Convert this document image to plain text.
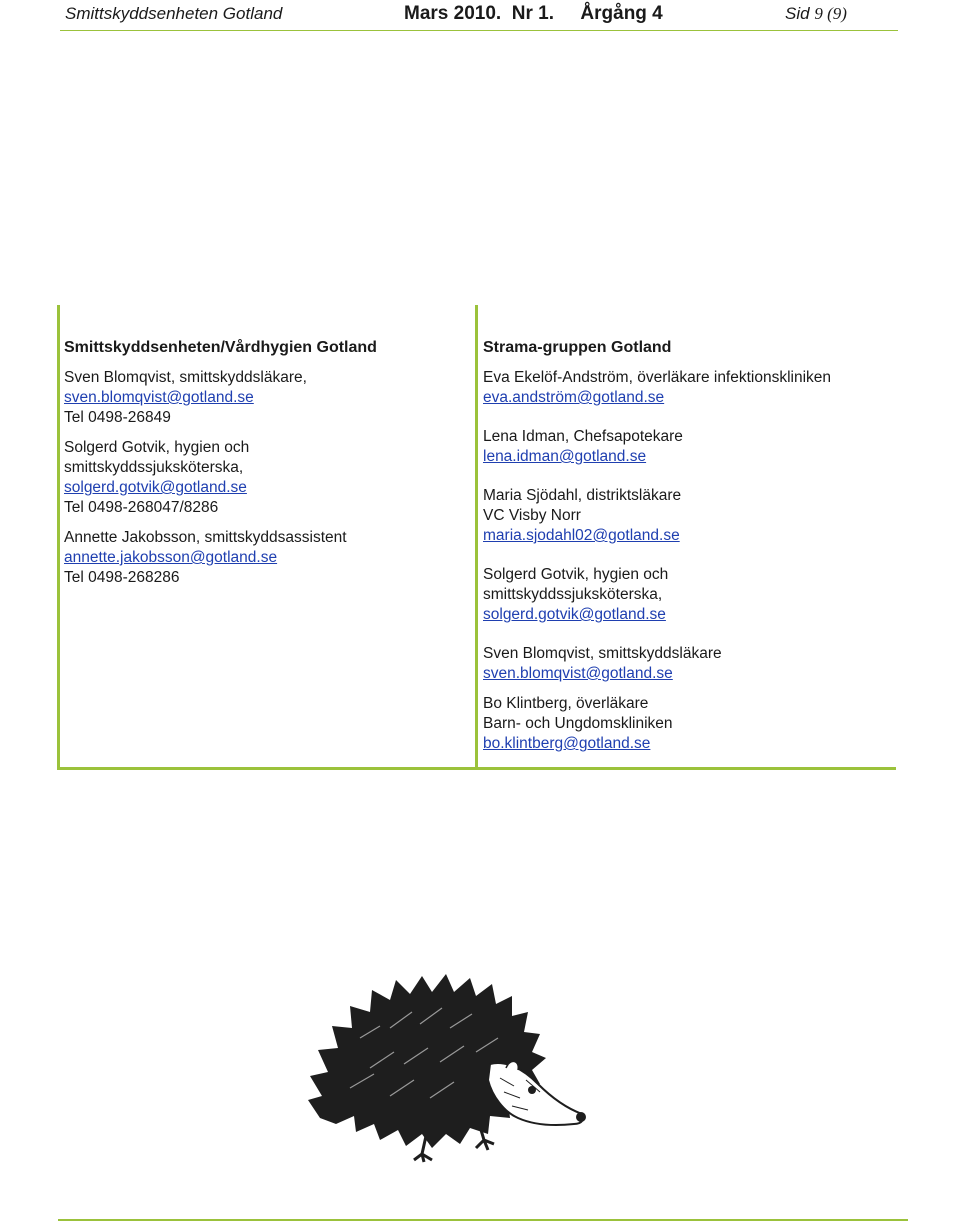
Smittskyddsenheten Gotland	Mars 2010. Nr 1. Årgång 4	Sid 9 (9)
Smittskyddsenheten/Vårdhygien Gotland
Sven Blomqvist, smittskyddsläkare,
sven.blomqvist@gotland.se
Tel 0498-26849
Solgerd Gotvik, hygien och
smittskyddssjuksköterska,
solgerd.gotvik@gotland.se
Tel 0498-268047/8286
Annette Jakobsson, smittskyddsassistent
annette.jakobsson@gotland.se
Tel 0498-268286
Strama-gruppen Gotland
Eva Ekelöf-Andström, överläkare infektionskliniken
eva.andström@gotland.se
Lena Idman, Chefsapotekare
lena.idman@gotland.se
Maria Sjödahl, distriktsläkare
VC Visby Norr
maria.sjodahl02@gotland.se
Solgerd Gotvik, hygien och
smittskyddssjuksköterska,
solgerd.gotvik@gotland.se
Sven Blomqvist, smittskyddsläkare
sven.blomqvist@gotland.se
Bo Klintberg, överläkare
Barn- och Ungdomskliniken
bo.klintberg@gotland.se
